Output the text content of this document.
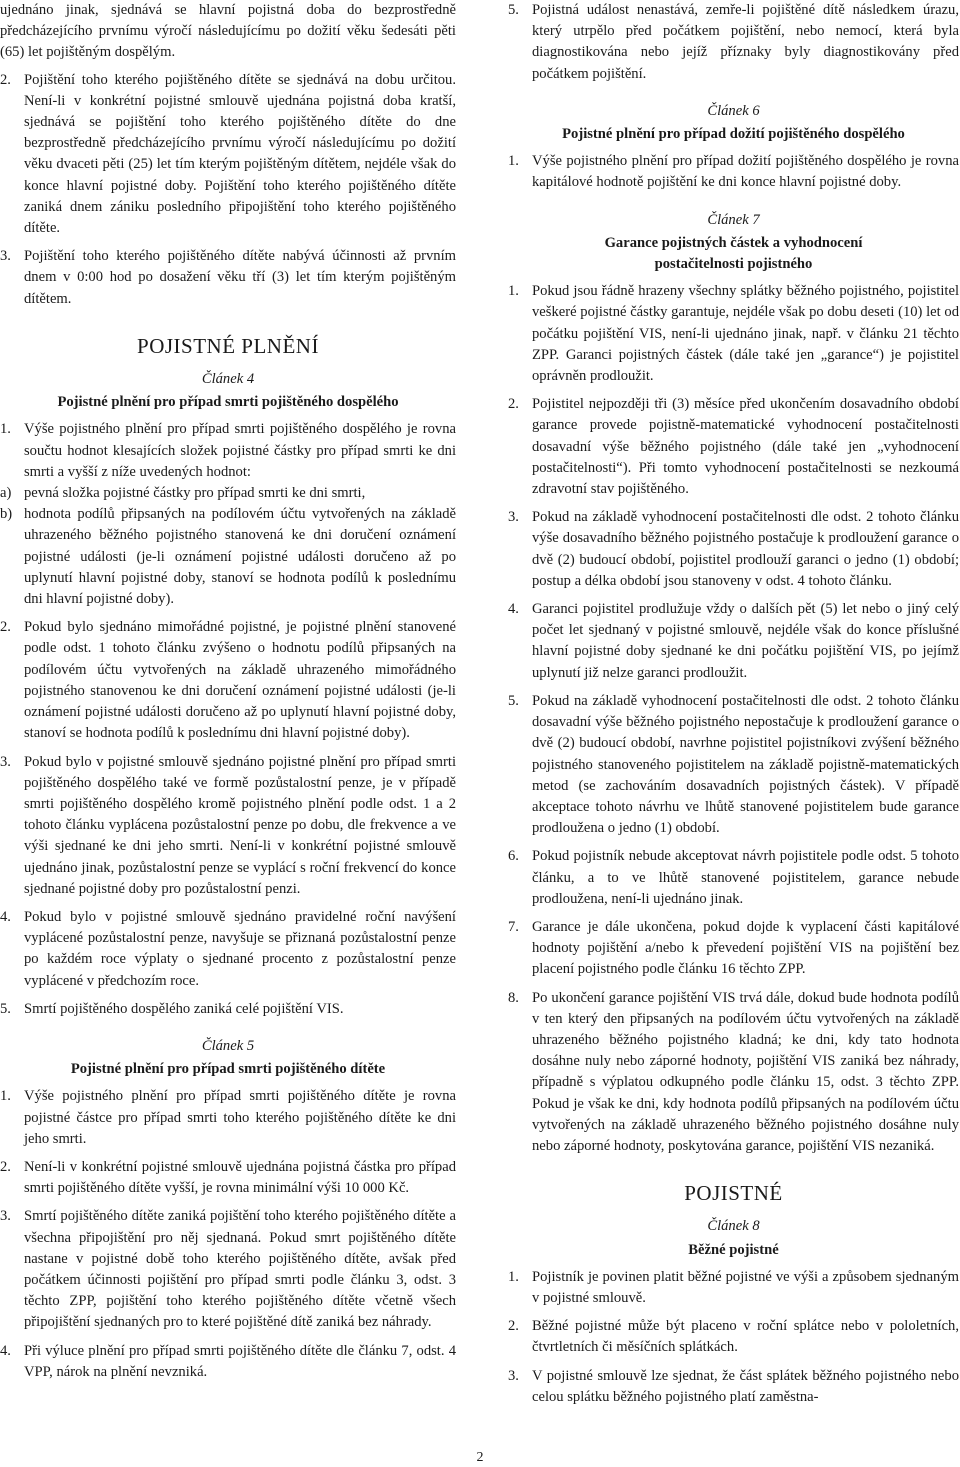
ujednáno jinak, sjednává se hlavní pojistná doba do bezprostředně předcházejícího prvnímu výročí následujícímu po dožití věku šedesáti pěti (65) let pojištěným dospělým.

2. Pojištění toho kterého pojištěného dítěte se sjednává na dobu určitou. Není-li v konkrétní pojistné smlouvě ujednána pojistná doba kratší, sjednává se pojištění toho kterého pojištěného dítěte do dne bezprostředně předcházejícího prvnímu výročí následujícímu po dožití věku dvaceti pěti (25) let tím kterým pojištěným dítětem, nejdéle však do konce hlavní pojistné doby. Pojištění toho kterého pojištěného dítěte zaniká dnem zániku posledního připojištění toho kterého pojištěného dítěte.
3. Pojištění toho kterého pojištěného dítěte nabývá účinnosti až prvním dnem v 0:00 hod po dosažení věku tří (3) let tím kterým pojištěným dítětem.
POJISTNÉ PLNĚNÍ
Článek 4
Pojistné plnění pro případ smrti pojištěného dospělého
1. Výše pojistného plnění pro případ smrti pojištěného dospělého je rovna součtu hodnot klesajících složek pojistné částky pro případ smrti ke dni smrti a vyšší z níže uvedených hodnot:
a) pevná složka pojistné částky pro případ smrti ke dni smrti,
b) hodnota podílů připsaných na podílovém účtu vytvořených na základě uhrazeného běžného pojistného stanovená ke dni doručení oznámení pojistné události (je-li oznámení pojistné události doručeno až po uplynutí hlavní pojistné doby, stanoví se hodnota podílů k poslednímu dni hlavní pojistné doby).
2. Pokud bylo sjednáno mimořádné pojistné, je pojistné plnění stanovené podle odst. 1 tohoto článku zvýšeno o hodnotu podílů připsaných na podílovém účtu vytvořených na základě uhrazeného mimořádného pojistného stanovenou ke dni doručení oznámení pojistné události (je-li oznámení pojistné události doručeno až po uplynutí hlavní pojistné doby, stanoví se hodnota podílů k poslednímu dni hlavní pojistné doby).
3. Pokud bylo v pojistné smlouvě sjednáno pojistné plnění pro případ smrti pojištěného dospělého také ve formě pozůstalostní penze, je v případě smrti pojištěného dospělého kromě pojistného plnění podle odst. 1 a 2 tohoto článku vyplácena pozůstalostní penze po dobu, dle frekvence a ve výši sjednané ke dni jeho smrti. Není-li v konkrétní pojistné smlouvě ujednáno jinak, pozůstalostní penze se vyplácí s roční frekvencí do konce sjednané pojistné doby pro pozůstalostní penzi.
4. Pokud bylo v pojistné smlouvě sjednáno pravidelné roční navýšení vyplácené pozůstalostní penze, navyšuje se přiznaná pozůstalostní penze po každém roce výplaty o sjednané procento z pozůstalostní penze vyplácené v předchozím roce.
5. Smrtí pojištěného dospělého zaniká celé pojištění VIS.
Článek 5
Pojistné plnění pro případ smrti pojištěného dítěte
1. Výše pojistného plnění pro případ smrti pojištěného dítěte je rovna pojistné částce pro případ smrti toho kterého pojištěného dítěte ke dni jeho smrti.
2. Není-li v konkrétní pojistné smlouvě ujednána pojistná částka pro případ smrti pojištěného dítěte vyšší, je rovna minimální výši 10 000 Kč.
3. Smrtí pojištěného dítěte zaniká pojištění toho kterého pojištěného dítěte a všechna připojištění pro něj sjednaná. Pokud smrt pojištěného dítěte nastane v pojistné době toho kterého pojištěného dítěte, avšak před počátkem účinnosti pojištění pro případ smrti podle článku 3, odst. 3 těchto ZPP, pojištění toho kterého pojištěného dítěte včetně všech připojištění sjednaných pro to které pojištěné dítě zaniká bez náhrady.
4. Při výluce plnění pro případ smrti pojištěného dítěte dle článku 7, odst. 4 VPP, nárok na plnění nevzniká.
5. Pojistná událost nenastává, zemře-li pojištěné dítě následkem úrazu, který utrpělo před počátkem pojištění, nebo nemocí, která byla diagnostikována nebo jejíž příznaky byly diagnostikovány před počátkem pojištění.
Článek 6
Pojistné plnění pro případ dožití pojištěného dospělého
1. Výše pojistného plnění pro případ dožití pojištěného dospělého je rovna kapitálové hodnotě pojištění ke dni konce hlavní pojistné doby.
Článek 7
Garance pojistných částek a vyhodnocení
postačitelnosti pojistného
1. Pokud jsou řádně hrazeny všechny splátky běžného pojistného, pojistitel veškeré pojistné částky garantuje, nejdéle však po dobu deseti (10) let od počátku pojištění VIS, není-li ujednáno jinak, např. v článku 21 těchto ZPP. Garanci pojistných částek (dále také jen „garance“) je pojistitel oprávněn prodloužit.
2. Pojistitel nejpozději tři (3) měsíce před ukončením dosavadního období garance provede pojistně-matematické vyhodnocení postačitelnosti dosavadní výše běžného pojistného (dále také jen „vyhodnocení postačitelnosti“). Při tomto vyhodnocení postačitelnosti se nezkoumá zdravotní stav pojištěného.
3. Pokud na základě vyhodnocení postačitelnosti dle odst. 2 tohoto článku výše dosavadního běžného pojistného postačuje k prodloužení garance o dvě (2) budoucí období, pojistitel prodlouží garanci o jedno (1) období; postup a délka období jsou stanoveny v odst. 4 tohoto článku.
4. Garanci pojistitel prodlužuje vždy o dalších pět (5) let nebo o jiný celý počet let sjednaný v pojistné smlouvě, nejdéle však do konce příslušné hlavní pojistné doby sjednané ke dni počátku pojištění VIS, po jejímž uplynutí již nelze garanci prodloužit.
5. Pokud na základě vyhodnocení postačitelnosti dle odst. 2 tohoto článku dosavadní výše běžného pojistného nepostačuje k prodloužení garance o dvě (2) budoucí období, navrhne pojistitel pojistníkovi zvýšení běžného pojistného stanoveného pojistitelem na základě pojistně-matematických metod (se zachováním dosavadních pojistných částek). V případě akceptace tohoto návrhu ve lhůtě stanovené pojistitelem bude garance prodloužena o jedno (1) období.
6. Pokud pojistník nebude akceptovat návrh pojistitele podle odst. 5 tohoto článku, a to ve lhůtě stanovené pojistitelem, garance nebude prodloužena, není-li ujednáno jinak.
7. Garance je dále ukončena, pokud dojde k vyplacení části kapitálové hodnoty pojištění a/nebo k převedení pojištění VIS na pojištění bez placení pojistného podle článku 16 těchto ZPP.
8. Po ukončení garance pojištění VIS trvá dále, dokud bude hodnota podílů v ten který den připsaných na podílovém účtu vytvořených na základě uhrazeného běžného pojistného kladná; ke dni, kdy tato hodnota dosáhne nuly nebo záporné hodnoty, pojištění VIS zaniká bez náhrady, případně s výplatou odkupného podle článku 15, odst. 3 těchto ZPP. Pokud je však ke dni, kdy hodnota podílů připsaných na podílovém účtu vytvořených na základě uhrazeného běžného pojistného dosáhne nuly nebo záporné hodnoty, poskytována garance, pojištění VIS nezaniká.
POJISTNÉ
Článek 8
Běžné pojistné
1. Pojistník je povinen platit běžné pojistné ve výši a způsobem sjednaným v pojistné smlouvě.
2. Běžné pojistné může být placeno v roční splátce nebo v pololetních, čtvrtletních či měsíčních splátkách.
3. V pojistné smlouvě lze sjednat, že část splátek běžného pojistného nebo celou splátku běžného pojistného platí zaměstna-
2
